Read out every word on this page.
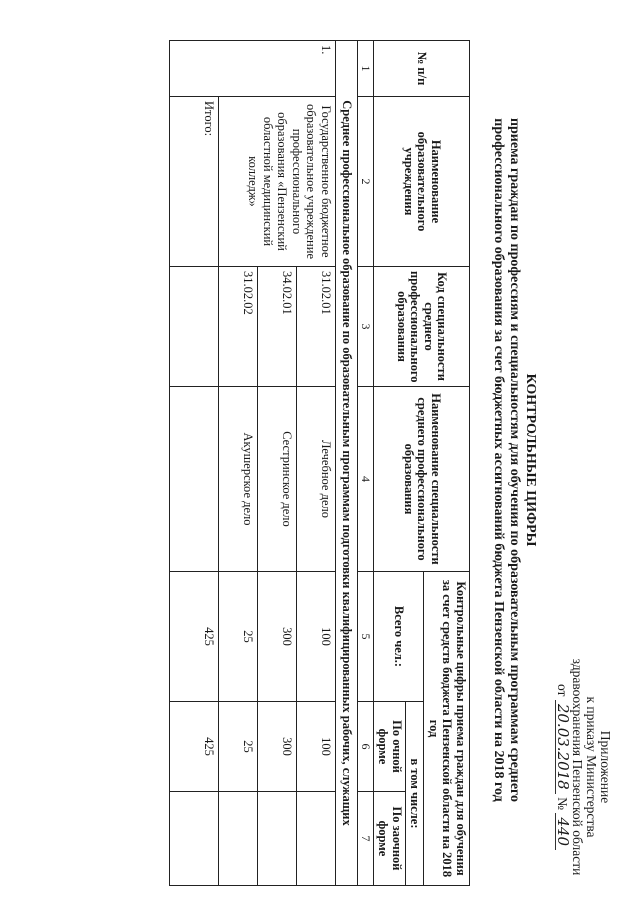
Приложение
к приказу Министерства
здравоохранения Пензенской области
от 20.03.2018 № 440
КОНТРОЛЬНЫЕ ЦИФРЫ
приема граждан по профессиям и специальностям для обучения по образовательным программам среднего
профессионального образования за счет бюджетных ассигнований бюджета Пензенской области на 2018 год
№ п/п	Наименование образовательного учреждения	Код специальности среднего профессионального образования	Наименование специальности среднего профессионального образования	Контрольные цифры приема граждан для обучения за счет средств бюджета Пензенской области на 2018 год		
				Всего чел.:	в том числе:	
					По очной форме	По заочной форме
1	2	3	4	5	6	7
Среднее профессиональное образование по образовательным программам подготовки квалифицированных рабочих, служащих						
1.	Государственное бюджетное образовательное учреждение профессионального образования «Пензенский областной медицинский колледж»	31.02.01	Лечебное дело	100	100	
		34.02.01	Сестринское дело	300	300	
		31.02.02	Акушерское дело	25	25	
	Итого:			425	425	
